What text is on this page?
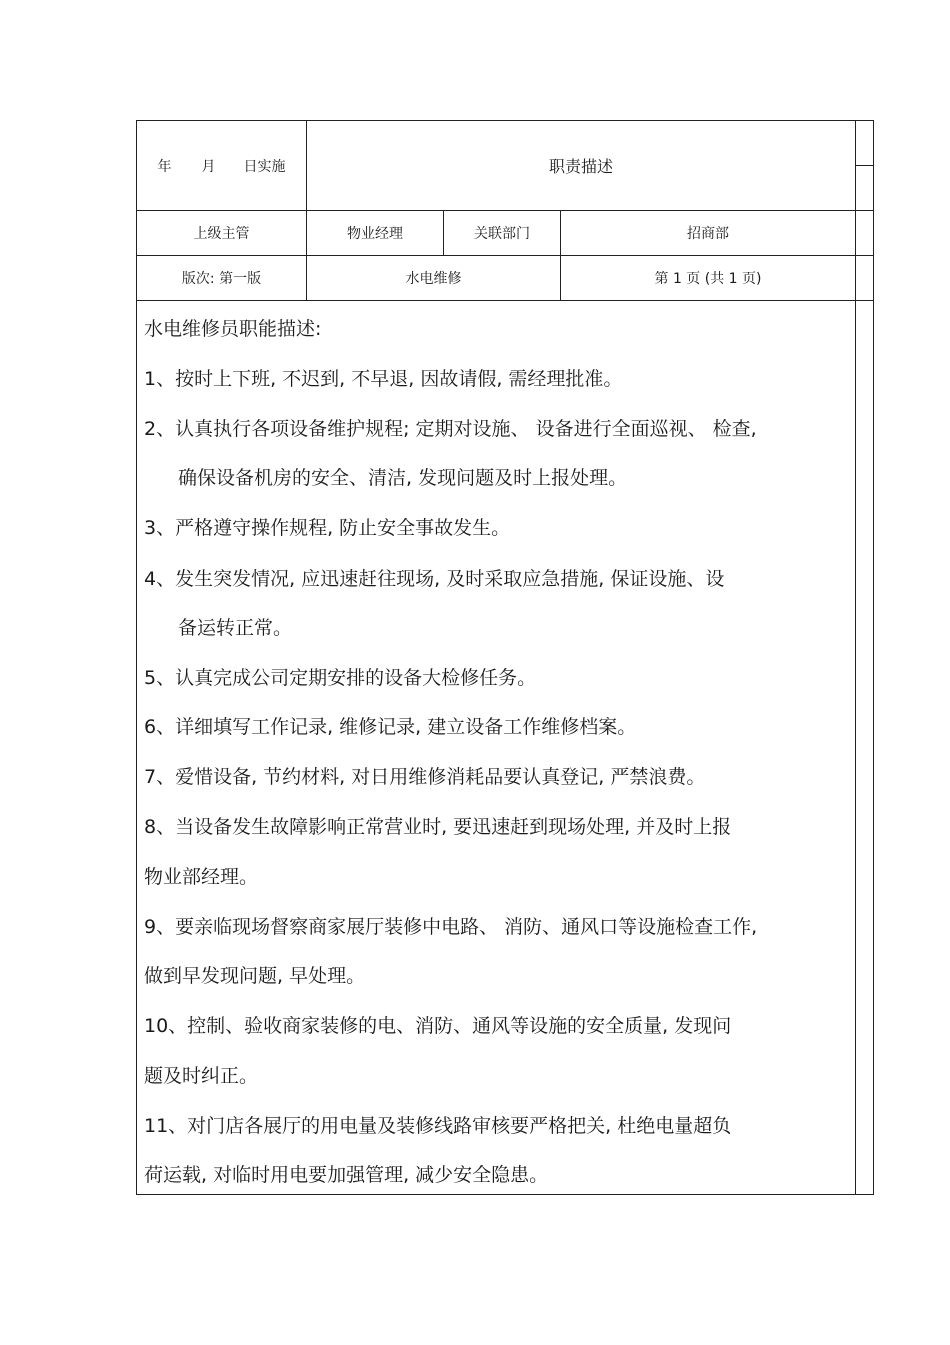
年 月 日实施	职责描述
上级主管	物业经理	关联部门	招商部
版次: 第一版	水电维修	第 1 页 (共 1 页)
水电维修员职能描述:
1、按时上下班, 不迟到, 不早退, 因故请假, 需经理批准。
2、认真执行各项设备维护规程; 定期对设施、 设备进行全面巡视、 检查,
确保设备机房的安全、清洁, 发现问题及时上报处理。
3、严格遵守操作规程, 防止安全事故发生。
4、发生突发情况, 应迅速赶往现场, 及时采取应急措施, 保证设施、设
备运转正常。
5、认真完成公司定期安排的设备大检修任务。
6、详细填写工作记录, 维修记录, 建立设备工作维修档案。
7、爱惜设备, 节约材料, 对日用维修消耗品要认真登记, 严禁浪费。
8、当设备发生故障影响正常营业时, 要迅速赶到现场处理, 并及时上报
物业部经理。
9、要亲临现场督察商家展厅装修中电路、 消防、通风口等设施检查工作,
做到早发现问题, 早处理。
10、控制、验收商家装修的电、消防、通风等设施的安全质量, 发现问
题及时纠正。
11、对门店各展厅的用电量及装修线路审核要严格把关, 杜绝电量超负
荷运载, 对临时用电要加强管理, 减少安全隐患。
